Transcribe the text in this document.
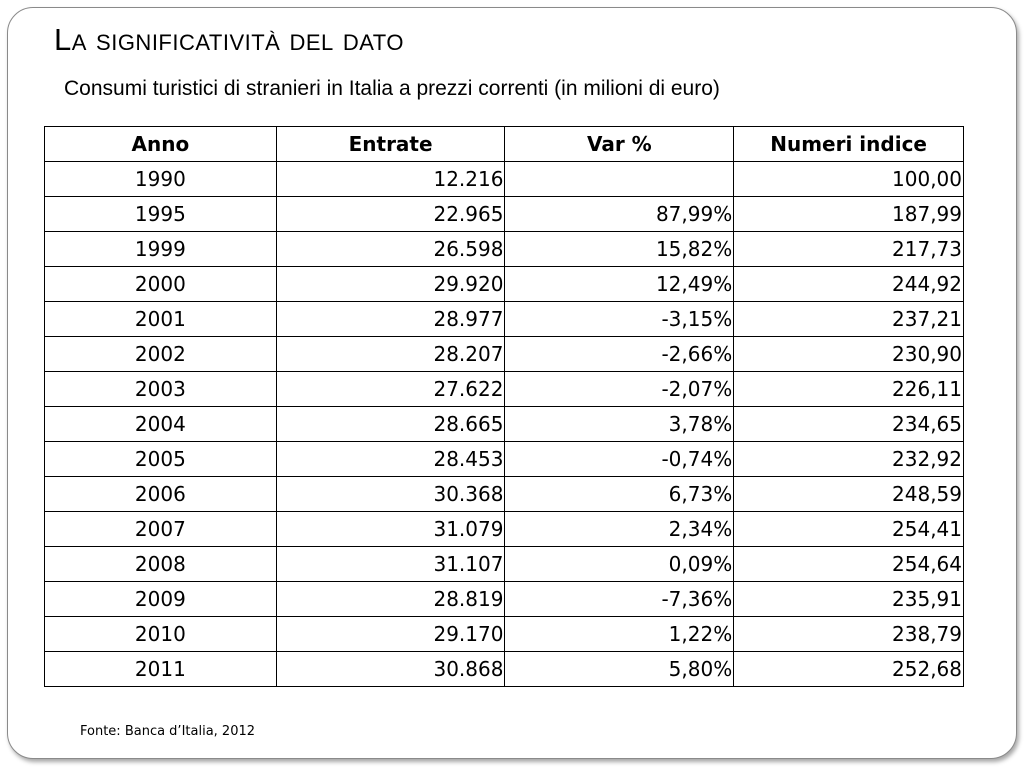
La significatività del dato

Consumi turistici di stranieri in Italia a prezzi correnti (in milioni di euro)

Anno	Entrate	Var %	Numeri indice
1990	12.216		100,00
1995	22.965	87,99%	187,99
1999	26.598	15,82%	217,73
2000	29.920	12,49%	244,92
2001	28.977	-3,15%	237,21
2002	28.207	-2,66%	230,90
2003	27.622	-2,07%	226,11
2004	28.665	3,78%	234,65
2005	28.453	-0,74%	232,92
2006	30.368	6,73%	248,59
2007	31.079	2,34%	254,41
2008	31.107	0,09%	254,64
2009	28.819	-7,36%	235,91
2010	29.170	1,22%	238,79
2011	30.868	5,80%	252,68

Fonte: Banca d’Italia, 2012
